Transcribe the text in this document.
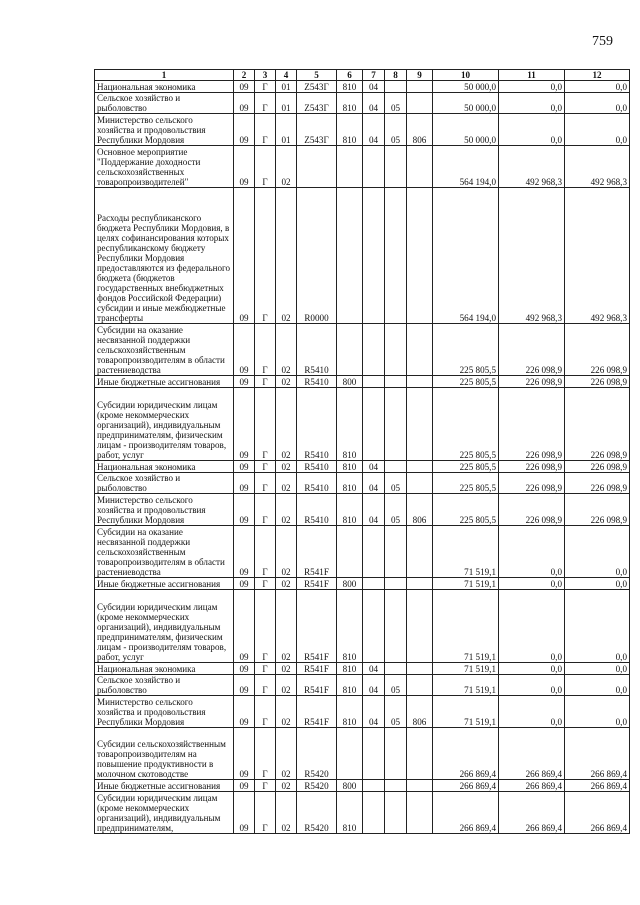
759
1	2	3	4	5	6	7	8	9	10	11	12
Национальная экономика	09	Г	01	Z543Г	810	04			50 000,0	0,0	0,0
Сельское хозяйство и рыболовство	09	Г	01	Z543Г	810	04	05		50 000,0	0,0	0,0
Министерство сельского хозяйства и продовольствия Республики Мордовия	09	Г	01	Z543Г	810	04	05	806	50 000,0	0,0	0,0
Основное мероприятие "Поддержание доходности сельскохозяйственных товаропроизводителей"	09	Г	02						564 194,0	492 968,3	492 968,3
Расходы республиканского бюджета Республики Мордовия, в целях софинансирования которых республиканскому бюджету Республики Мордовия предоставляются из федерального бюджета (бюджетов государственных внебюджетных фондов Российской Федерации) субсидии и иные межбюджетные трансферты	09	Г	02	R0000					564 194,0	492 968,3	492 968,3
Субсидии на оказание несвязанной поддержки сельскохозяйственным товаропроизводителям в области растениеводства	09	Г	02	R5410					225 805,5	226 098,9	226 098,9
Иные бюджетные ассигнования	09	Г	02	R5410	800				225 805,5	226 098,9	226 098,9
Субсидии юридическим лицам (кроме некоммерческих организаций), индивидуальным предпринимателям, физическим лицам - производителям товаров, работ, услуг	09	Г	02	R5410	810				225 805,5	226 098,9	226 098,9
Национальная экономика	09	Г	02	R5410	810	04			225 805,5	226 098,9	226 098,9
Сельское хозяйство и рыболовство	09	Г	02	R5410	810	04	05		225 805,5	226 098,9	226 098,9
Министерство сельского хозяйства и продовольствия Республики Мордовия	09	Г	02	R5410	810	04	05	806	225 805,5	226 098,9	226 098,9
Субсидии на оказание несвязанной поддержки сельскохозяйственным товаропроизводителям в области растениеводства	09	Г	02	R541F					71 519,1	0,0	0,0
Иные бюджетные ассигнования	09	Г	02	R541F	800				71 519,1	0,0	0,0
Субсидии юридическим лицам (кроме некоммерческих организаций), индивидуальным предпринимателям, физическим лицам - производителям товаров, работ, услуг	09	Г	02	R541F	810				71 519,1	0,0	0,0
Национальная экономика	09	Г	02	R541F	810	04			71 519,1	0,0	0,0
Сельское хозяйство и рыболовство	09	Г	02	R541F	810	04	05		71 519,1	0,0	0,0
Министерство сельского хозяйства и продовольствия Республики Мордовия	09	Г	02	R541F	810	04	05	806	71 519,1	0,0	0,0
Субсидии сельскохозяйственным товаропроизводителям на повышение продуктивности в молочном скотоводстве	09	Г	02	R5420					266 869,4	266 869,4	266 869,4
Иные бюджетные ассигнования	09	Г	02	R5420	800				266 869,4	266 869,4	266 869,4
Субсидии юридическим лицам (кроме некоммерческих организаций), индивидуальным предпринимателям,	09	Г	02	R5420	810				266 869,4	266 869,4	266 869,4
